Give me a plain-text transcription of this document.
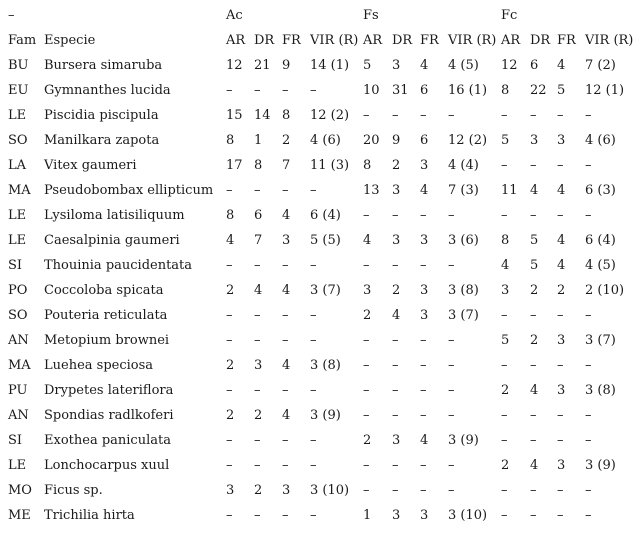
–	Ac	Fs	Fc
Fam Especie	AR DR FR VIR (R) AR DR FR VIR (R) AR DR FR VIR (R)
BU Bursera simaruba	12 21 9 14 (1) 5 3 4 4 (5) 12 6 4 7 (2)
EU Gymnanthes lucida	– – – –	10 31 6 16 (1) 8 22 5 12 (1)
LE Piscidia piscipula	15 14 8 12 (2) – – – –	– – – –
SO Manilkara zapota	8 1 2 4 (6) 20 9 6 12 (2) 5 3 3 4 (6)
LA Vitex gaumeri	17 8 7 11 (3) 8 2 3 4 (4) – – – –
MA Pseudobombax ellipticum – – – –	13 3 4 7 (3) 11 4 4 6 (3)
LE Lysiloma latisiliquum	8 6 4 6 (4) – – – –	– – – –
LE Caesalpinia gaumeri	4 7 3 5 (5) 4 3 3 3 (6) 8 5 4 6 (4)
SI Thouinia paucidentata	– – – –	– – – –	4 5 4 4 (5)
PO Coccoloba spicata	2 4 4 3 (7) 3 2 3 3 (8) 3 2 2 2 (10)
SO Pouteria reticulata	– – – –	2 4 3 3 (7) – – – –
AN Metopium brownei	– – – –	– – – –	5 2 3 3 (7)
MA Luehea speciosa	2 3 4 3 (8) – – – –	– – – –
PU Drypetes lateriflora	– – – –	– – – –	2 4 3 3 (8)
AN Spondias radlkoferi	2 2 4 3 (9) – – – –	– – – –
SI Exothea paniculata	– – – –	2 3 4 3 (9) – – – –
LE Lonchocarpus xuul	– – – –	– – – –	2 4 3 3 (9)
MO Ficus sp.	3 2 3 3 (10) – – – –	– – – –
ME Trichilia hirta	– – – –	1 3 3 3 (10) – – – –
